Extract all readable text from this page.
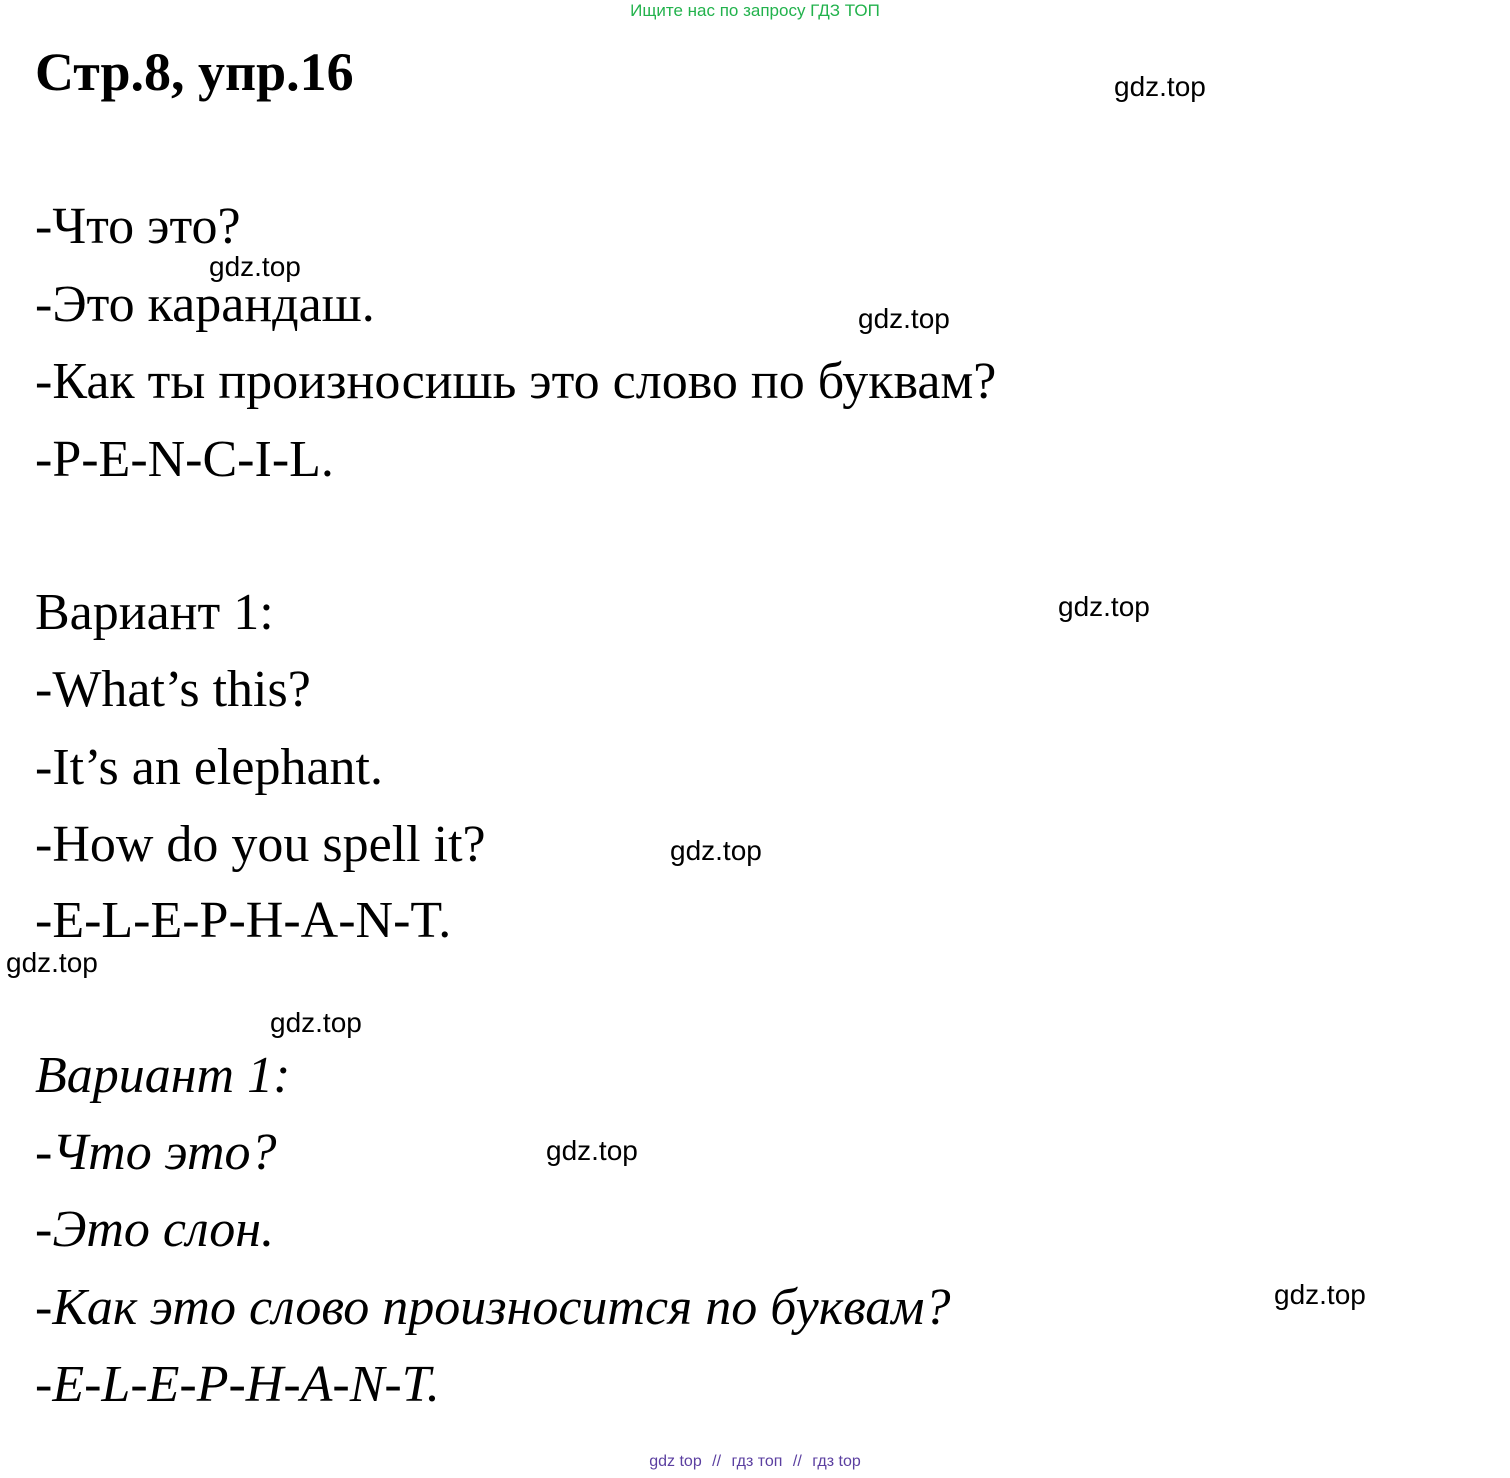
Ищите нас по запросу ГДЗ ТОП
Стр.8, упр.16
-Что это?
-Это карандаш.
-Как ты произносишь это слово по буквам?
-P-E-N-C-I-L.
Вариант 1:
-What’s this?
-It’s an elephant.
-How do you spell it?
-E-L-E-P-H-A-N-T.
Вариант 1:
-Что это?
-Это слон.
-Как это слово произносится по буквам?
-E-L-E-P-H-A-N-T.
gdz.top
gdz.top
gdz.top
gdz.top
gdz.top
gdz.top
gdz.top
gdz.top
gdz.top
gdz top // гдз топ // гдз top
